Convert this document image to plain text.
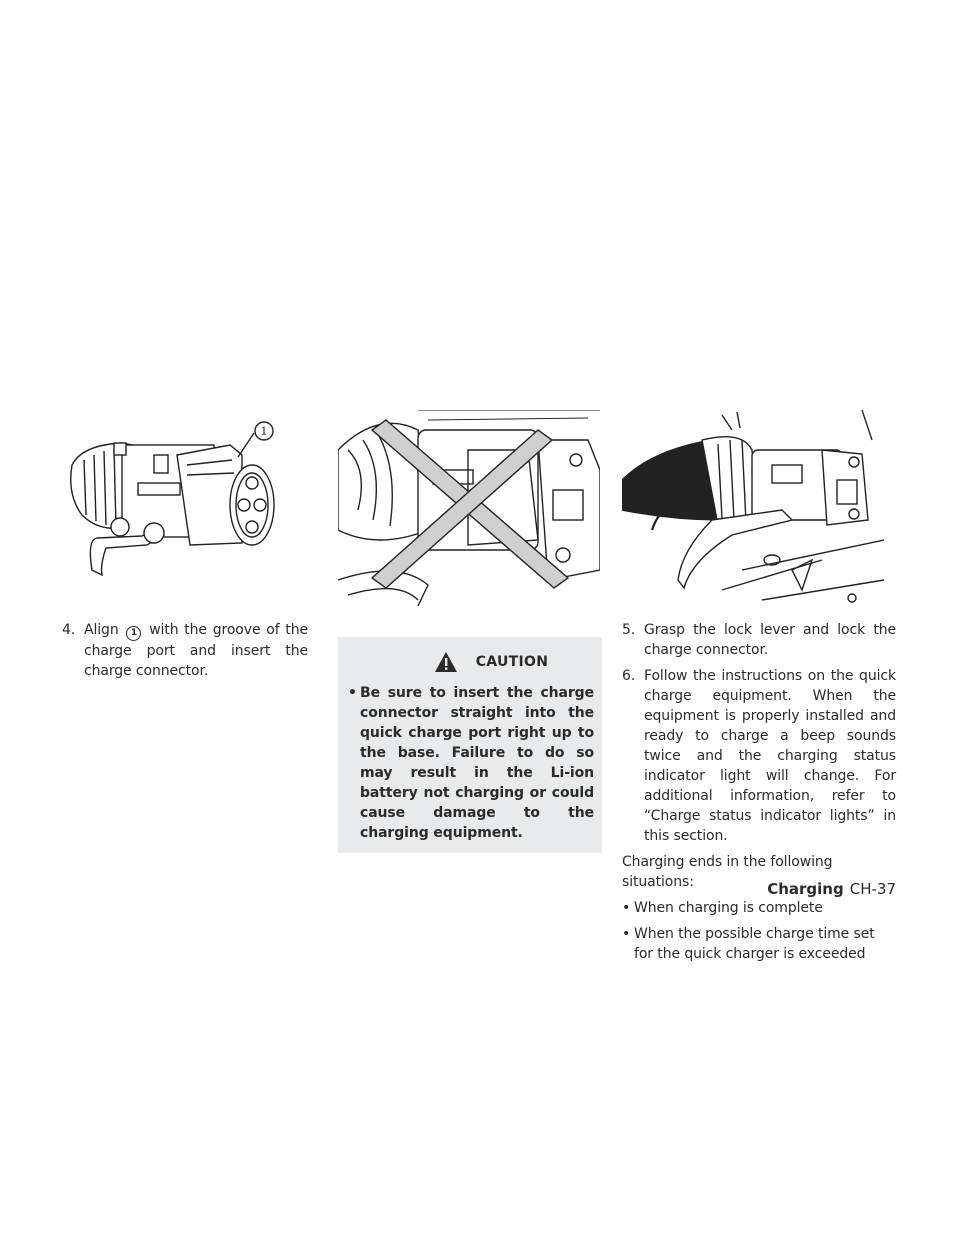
1
4. Align 1 with the groove of the charge port and insert the charge connector.
CAUTION
• Be sure to insert the charge connector straight into the quick charge port right up to the base. Failure to do so may result in the Li-ion battery not charging or could cause damage to the charging equipment.
5. Grasp the lock lever and lock the charge connector.
6. Follow the instructions on the quick charge equipment. When the equipment is properly installed and ready to charge a beep sounds twice and the charging status indicator light will change. For additional information, refer to “Charge status indicator lights” in this section.
Charging ends in the following situations:
• When charging is complete
• When the possible charge time set for the quick charger is exceeded
Charging CH-37
